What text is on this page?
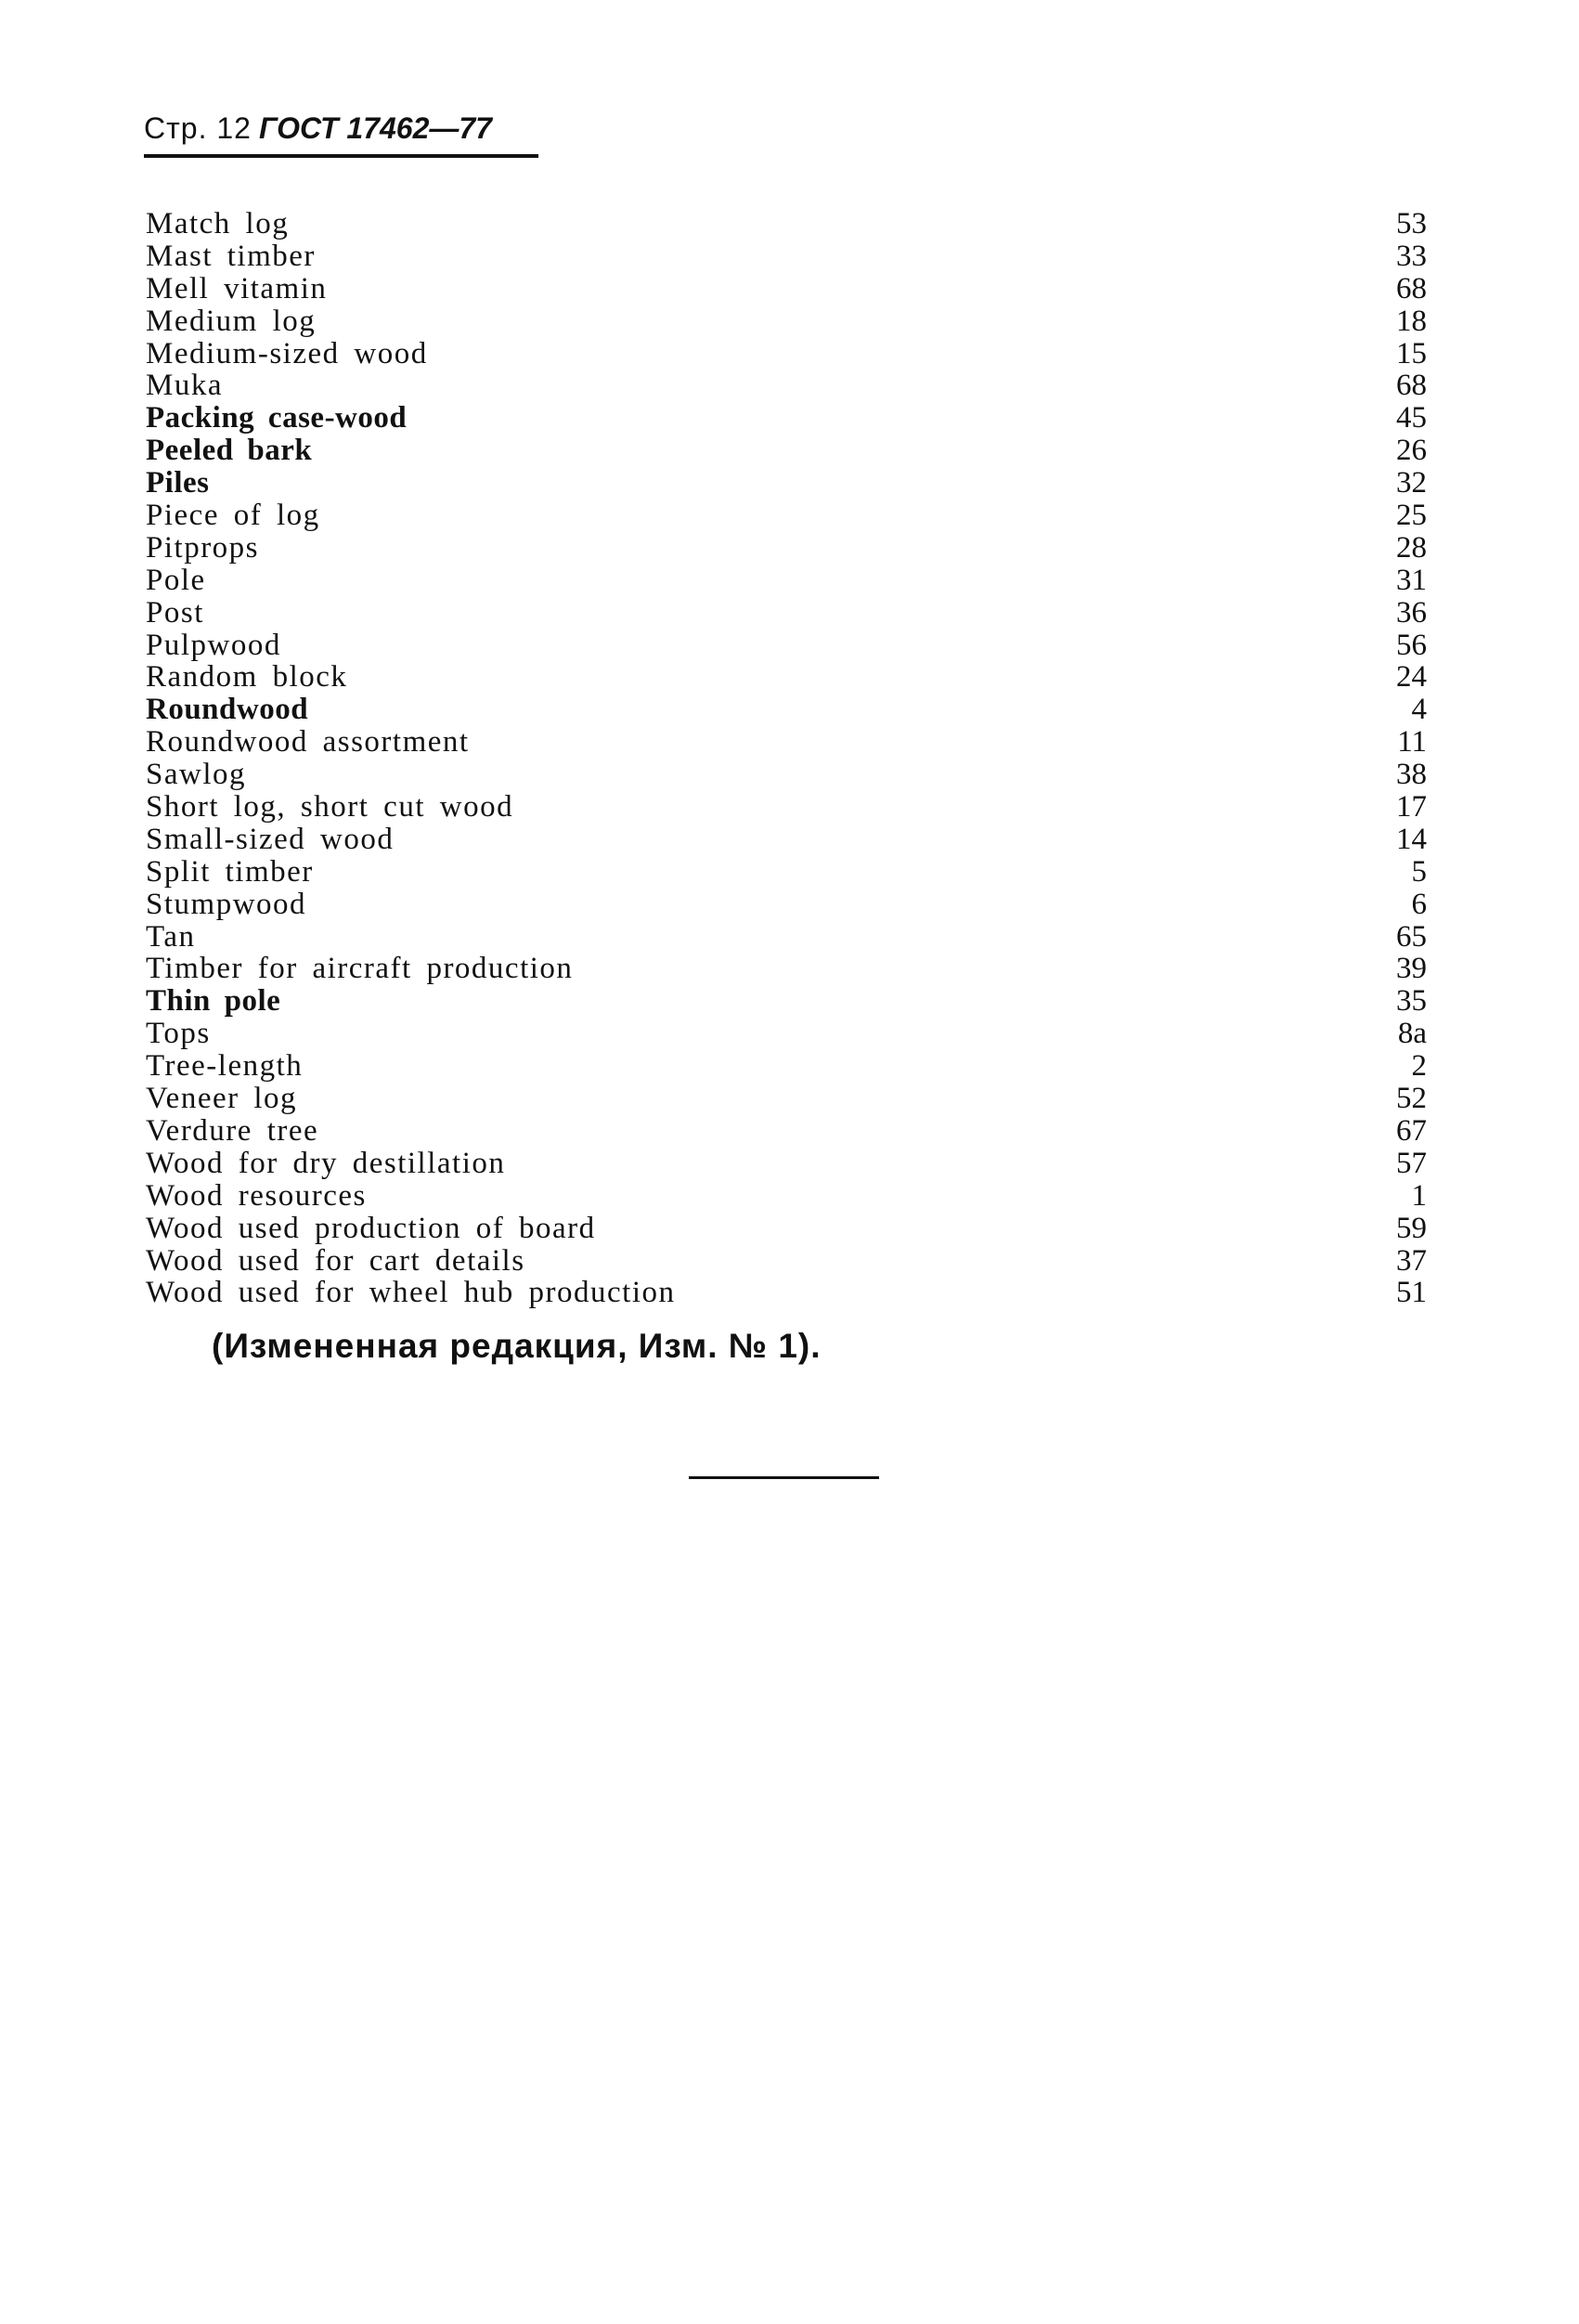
Стр. 12 ГОСТ 17462—77
Match log	53
Mast timber	33
Mell vitamin	68
Medium log	18
Medium-sized wood	15
Muka	68
Packing case-wood	45
Peeled bark	26
Piles	32
Piece of log	25
Pitprops	28
Pole	31
Post	36
Pulpwood	56
Random block	24
Roundwood	4
Roundwood assortment	11
Sawlog	38
Short log, short cut wood	17
Small-sized wood	14
Split timber	5
Stumpwood	6
Tan	65
Timber for aircraft production	39
Thin pole	35
Tops	8a
Tree-length	2
Veneer log	52
Verdure tree	67
Wood for dry destillation	57
Wood resources	1
Wood used production of board	59
Wood used for cart details	37
Wood used for wheel hub production	51
(Измененная редакция, Изм. № 1).
